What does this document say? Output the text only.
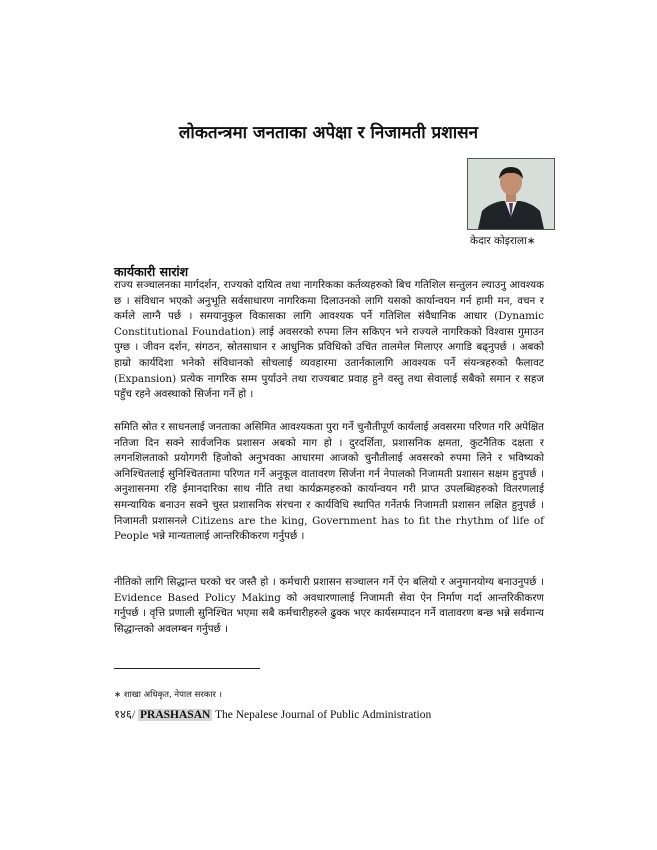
लोकतन्त्रमा जनताका अपेक्षा र निजामती प्रशासन
केदार कोइराला∗
कार्यकारी सारांश
राज्य सञ्चालनका मार्गदर्शन, राज्यको दायित्व तथा नागरिकका कर्तव्यहरुको बिच गतिशिल सन्तुलन ल्याउनु आवश्यक छ । संविधान भएको अनुभूति सर्वसाधारण नागरिकमा दिलाउनको लागि यसको कार्यान्वयन गर्न हामी मन, वचन र कर्मले लाग्नै पर्छ । समयानुकुल विकासका लागि आवश्यक पर्ने गतिशिल संवैधानिक आधार (Dynamic Constitutional Foundation) लाई अवसरको रुपमा लिन सकिएन भने राज्यले नागरिकको विश्वास गुमाउन पुग्छ । जीवन दर्शन, संगठन, स्रोतसाधान र आधुनिक प्रविधिको उचित तालमेल मिलाएर अगाडि बढ्नुपर्छ । अबको हाम्रो कार्यदिशा भनेको संविधानको सोचलाई व्यवहारमा उतार्नकालागि आवश्यक पर्ने संयन्त्रहरुको फैलावट (Expansion) प्रत्येक नागरिक सम्म पुर्याउने तथा राज्यबाट प्रवाह हुने वस्तु तथा सेवालाई सबैको समान र सहज पहुँच रहने अवस्थाको सिर्जना गर्ने हो ।
समिति स्रोत र साधनलाई जनताका असिमित आवश्यकता पुरा गर्ने चुनौतीपूर्ण कार्यलाई अवसरमा परिणत गरि अपेक्षित नतिजा दिन सक्ने सार्वजनिक प्रशासन अबको माग हो । दुरदर्शिता, प्रशासनिक क्षमता, कुटनैतिक दक्षता र लगनशिलताको प्रयोगगरी हिजोको अनुभवका आधारमा आजको चुनौतीलाई अवसरको रुपमा लिने र भविष्यको अनिश्चितलाई सुनिश्चिततामा परिणत गर्ने अनुकूल वातावरण सिर्जना गर्न नेपालको निजामती प्रशासन सक्षम हुनुपर्छ ।अनुशासनमा रहि ईमानदारिका साथ नीति तथा कार्यक्रमहरुको कार्यान्वयन गरी प्राप्त उपलब्धिहरुको वितरणलाई समन्यायिक बनाउन सक्ने चुस्त प्रशासनिक संरचना र कार्यविधि स्थापित गर्नेतर्फ निजामती प्रशासन लक्षित हुनुपर्छ । निजामती प्रशासनले Citizens are the king, Government has to fit the rhythm of life of People भन्ने मान्यतालाई आन्तरिकीकरण गर्नुपर्छ ।
नीतिको लागि सिद्धान्त घरको चर जस्तै हो । कर्मचारी प्रशासन सञ्चालन गर्ने ऐन बलियो र अनुमानयोग्य बनाउनुपर्छ ।Evidence Based Policy Making को अवधारणालाई निजामती सेवा ऐन निर्माण गर्दा आन्तरिकीकरण गर्नुपर्छ । वृत्ति प्रणाली सुनिश्चित भएमा सबै कर्मचारीहरुले ढुक्क भएर कार्यसम्पादन गर्ने वातावरण बन्छ भन्ने सर्वमान्य सिद्धान्तको अवलम्बन गर्नुपर्छ ।
∗ शाखा अधिकृत, नेपाल सरकार ।
१४६/ PRASHASAN The Nepalese Journal of Public Administration
